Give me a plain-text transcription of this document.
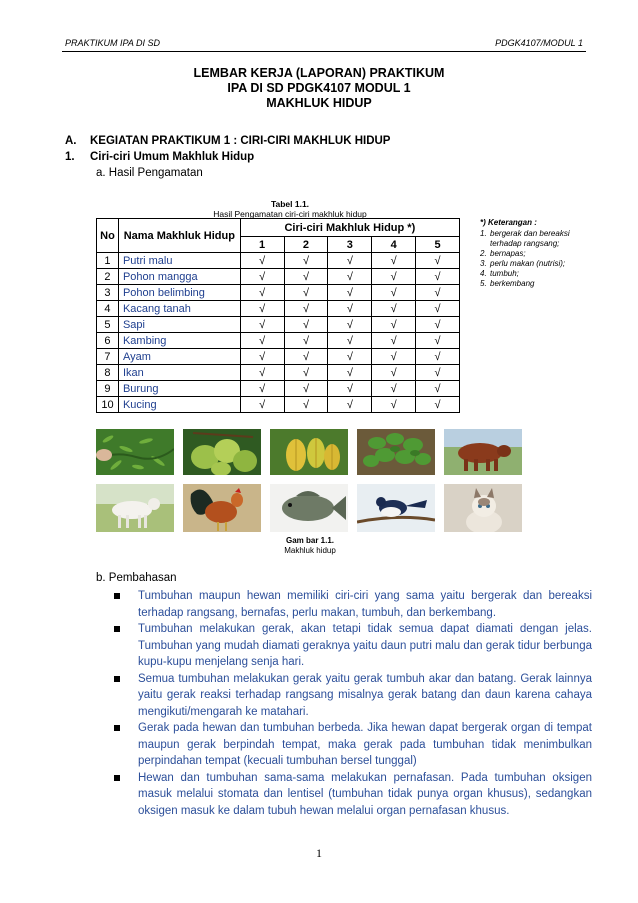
PRAKTIKUM IPA DI SD	PDGK4107/MODUL 1
LEMBAR KERJA (LAPORAN) PRAKTIKUM
IPA DI SD PDGK4107 MODUL 1
MAKHLUK HIDUP
A. KEGIATAN PRAKTIKUM 1 : CIRI-CIRI MAKHLUK HIDUP
1. Ciri-ciri Umum Makhluk Hidup
a. Hasil Pengamatan
Tabel 1.1.
Hasil Pengamatan ciri-ciri makhluk hidup
No	Nama Makhluk Hidup	Ciri-ciri Makhluk Hidup *)				
		1	2	3	4	5
1	Putri malu	√	√	√	√	√
2	Pohon mangga	√	√	√	√	√
3	Pohon belimbing	√	√	√	√	√
4	Kacang tanah	√	√	√	√	√
5	Sapi	√	√	√	√	√
6	Kambing	√	√	√	√	√
7	Ayam	√	√	√	√	√
8	Ikan	√	√	√	√	√
9	Burung	√	√	√	√	√
10	Kucing	√	√	√	√	√
*) Keterangan :
1. bergerak dan bereaksi terhadap rangsang;
2. bernapas;
3. perlu makan (nutrisi);
4. tumbuh;
5. berkembang
Gam bar 1.1.
Makhluk hidup
b. Pembahasan
Tumbuhan maupun hewan memiliki ciri-ciri yang sama yaitu bergerak dan bereaksi terhadap rangsang, bernafas, perlu makan, tumbuh, dan berkembang.
Tumbuhan melakukan gerak, akan tetapi tidak semua dapat diamati dengan jelas. Tumbuhan yang mudah diamati geraknya yaitu daun putri malu dan gerak tidur berbunga kupu-kupu menjelang senja hari.
Semua tumbuhan melakukan gerak yaitu gerak tumbuh akar dan batang. Gerak lainnya yaitu gerak reaksi terhadap rangsang misalnya gerak batang dan daun karena cahaya mengikuti/mengarah ke matahari.
Gerak pada hewan dan tumbuhan berbeda. Jika hewan dapat bergerak organ di tempat maupun gerak berpindah tempat, maka gerak pada tumbuhan tidak menimbulkan perpindahan tempat (kecuali tumbuhan bersel tunggal)
Hewan dan tumbuhan sama-sama melakukan pernafasan. Pada tumbuhan oksigen masuk melalui stomata dan lentisel (tumbuhan tidak punya organ khusus), sedangkan oksigen masuk ke dalam tubuh hewan melalui organ pernafasan khusus.
1
